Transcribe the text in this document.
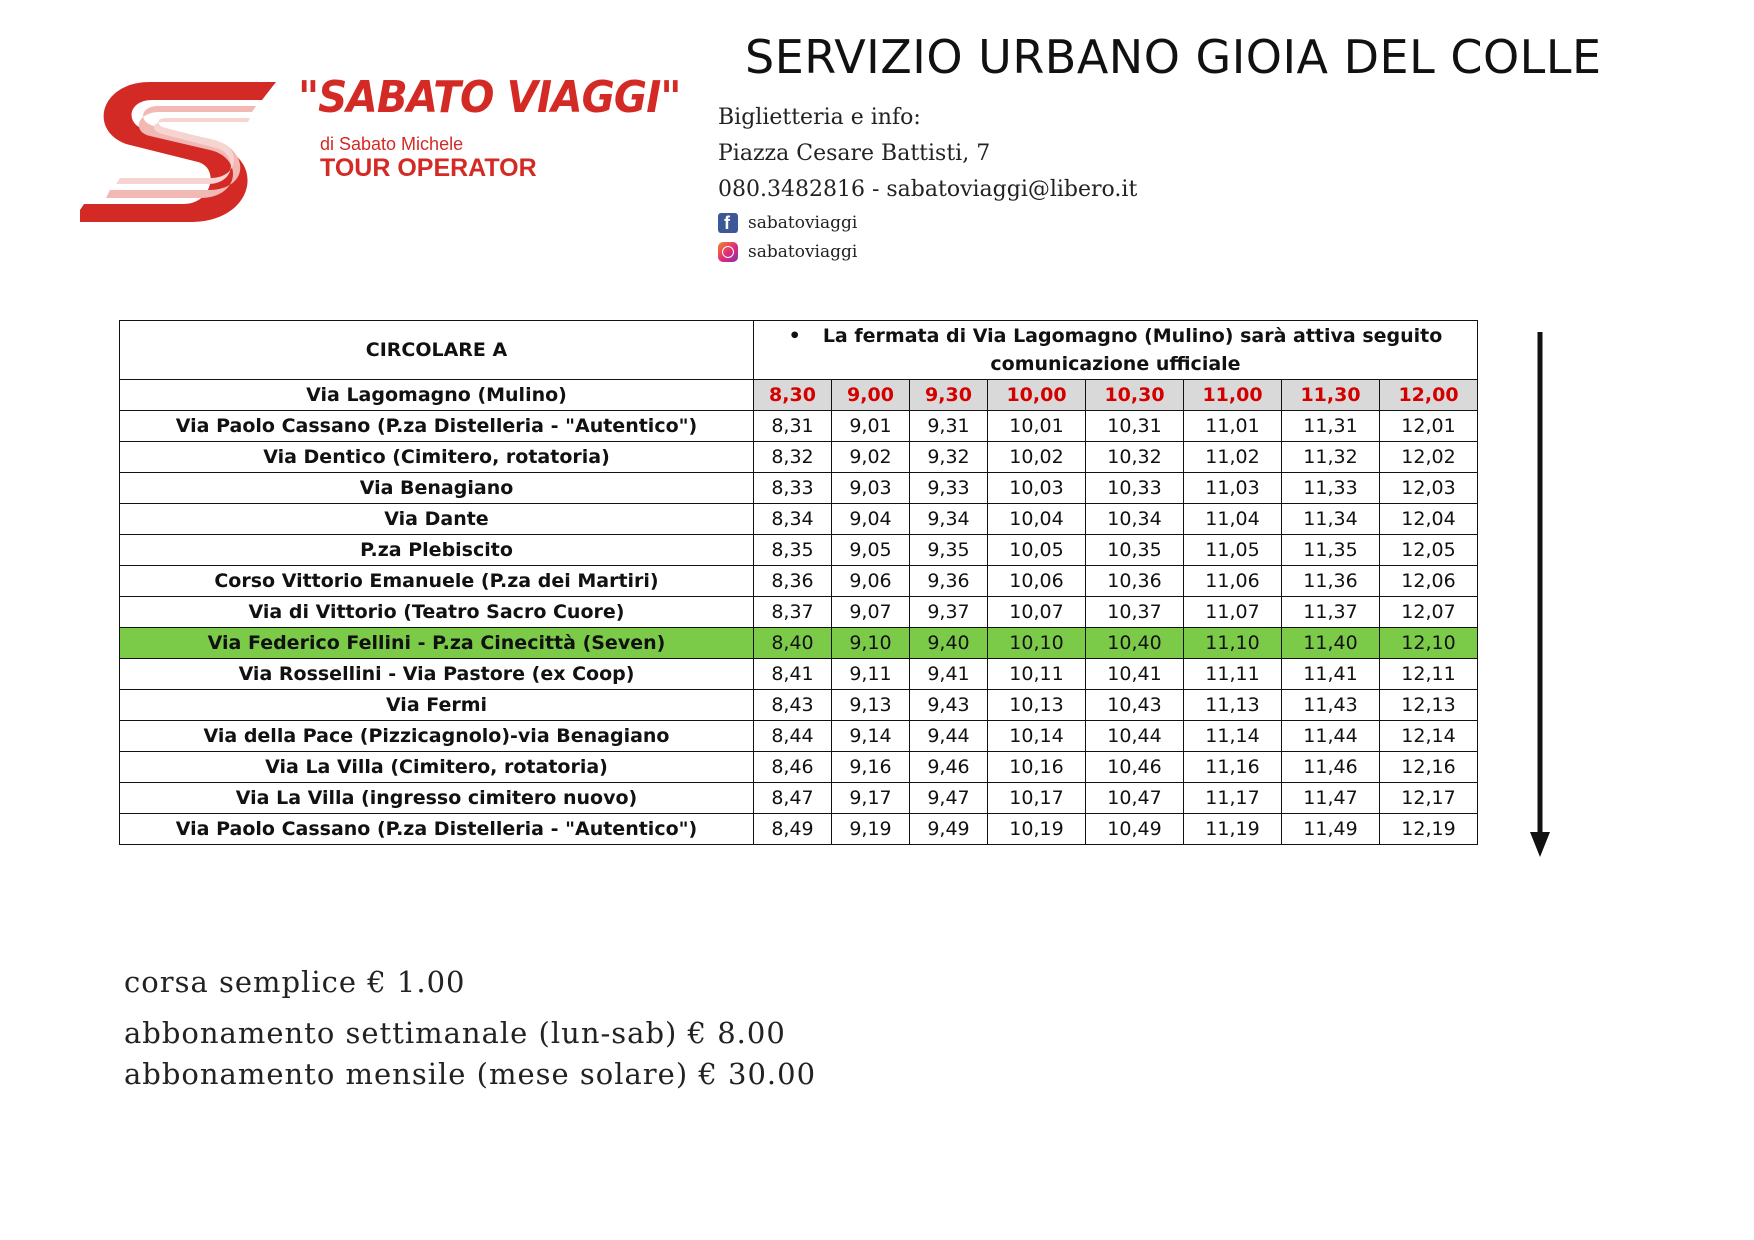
"SABATO VIAGGI"
di Sabato Michele
TOUR OPERATOR
SERVIZIO URBANO GIOIA DEL COLLE
Biglietteria e info:
Piazza Cesare Battisti, 7
080.3482816 - sabatoviaggi@libero.it
f sabatoviaggi
sabatoviaggi
CIRCOLARE A	• La fermata di Via Lagomagno (Mulino) sarà attiva seguito comunicazione ufficiale							
Via Lagomagno (Mulino)	8,30	9,00	9,30	10,00	10,30	11,00	11,30	12,00
Via Paolo Cassano (P.za Distelleria - "Autentico")	8,31	9,01	9,31	10,01	10,31	11,01	11,31	12,01
Via Dentico (Cimitero, rotatoria)	8,32	9,02	9,32	10,02	10,32	11,02	11,32	12,02
Via Benagiano	8,33	9,03	9,33	10,03	10,33	11,03	11,33	12,03
Via Dante	8,34	9,04	9,34	10,04	10,34	11,04	11,34	12,04
P.za Plebiscito	8,35	9,05	9,35	10,05	10,35	11,05	11,35	12,05
Corso Vittorio Emanuele (P.za dei Martiri)	8,36	9,06	9,36	10,06	10,36	11,06	11,36	12,06
Via di Vittorio (Teatro Sacro Cuore)	8,37	9,07	9,37	10,07	10,37	11,07	11,37	12,07
Via Federico Fellini - P.za Cinecittà (Seven)	8,40	9,10	9,40	10,10	10,40	11,10	11,40	12,10
Via Rossellini - Via Pastore (ex Coop)	8,41	9,11	9,41	10,11	10,41	11,11	11,41	12,11
Via Fermi	8,43	9,13	9,43	10,13	10,43	11,13	11,43	12,13
Via della Pace (Pizzicagnolo)-via Benagiano	8,44	9,14	9,44	10,14	10,44	11,14	11,44	12,14
Via La Villa (Cimitero, rotatoria)	8,46	9,16	9,46	10,16	10,46	11,16	11,46	12,16
Via La Villa (ingresso cimitero nuovo)	8,47	9,17	9,47	10,17	10,47	11,17	11,47	12,17
Via Paolo Cassano (P.za Distelleria - "Autentico")	8,49	9,19	9,49	10,19	10,49	11,19	11,49	12,19
corsa semplice € 1.00
abbonamento settimanale (lun-sab) € 8.00
abbonamento mensile (mese solare) € 30.00
